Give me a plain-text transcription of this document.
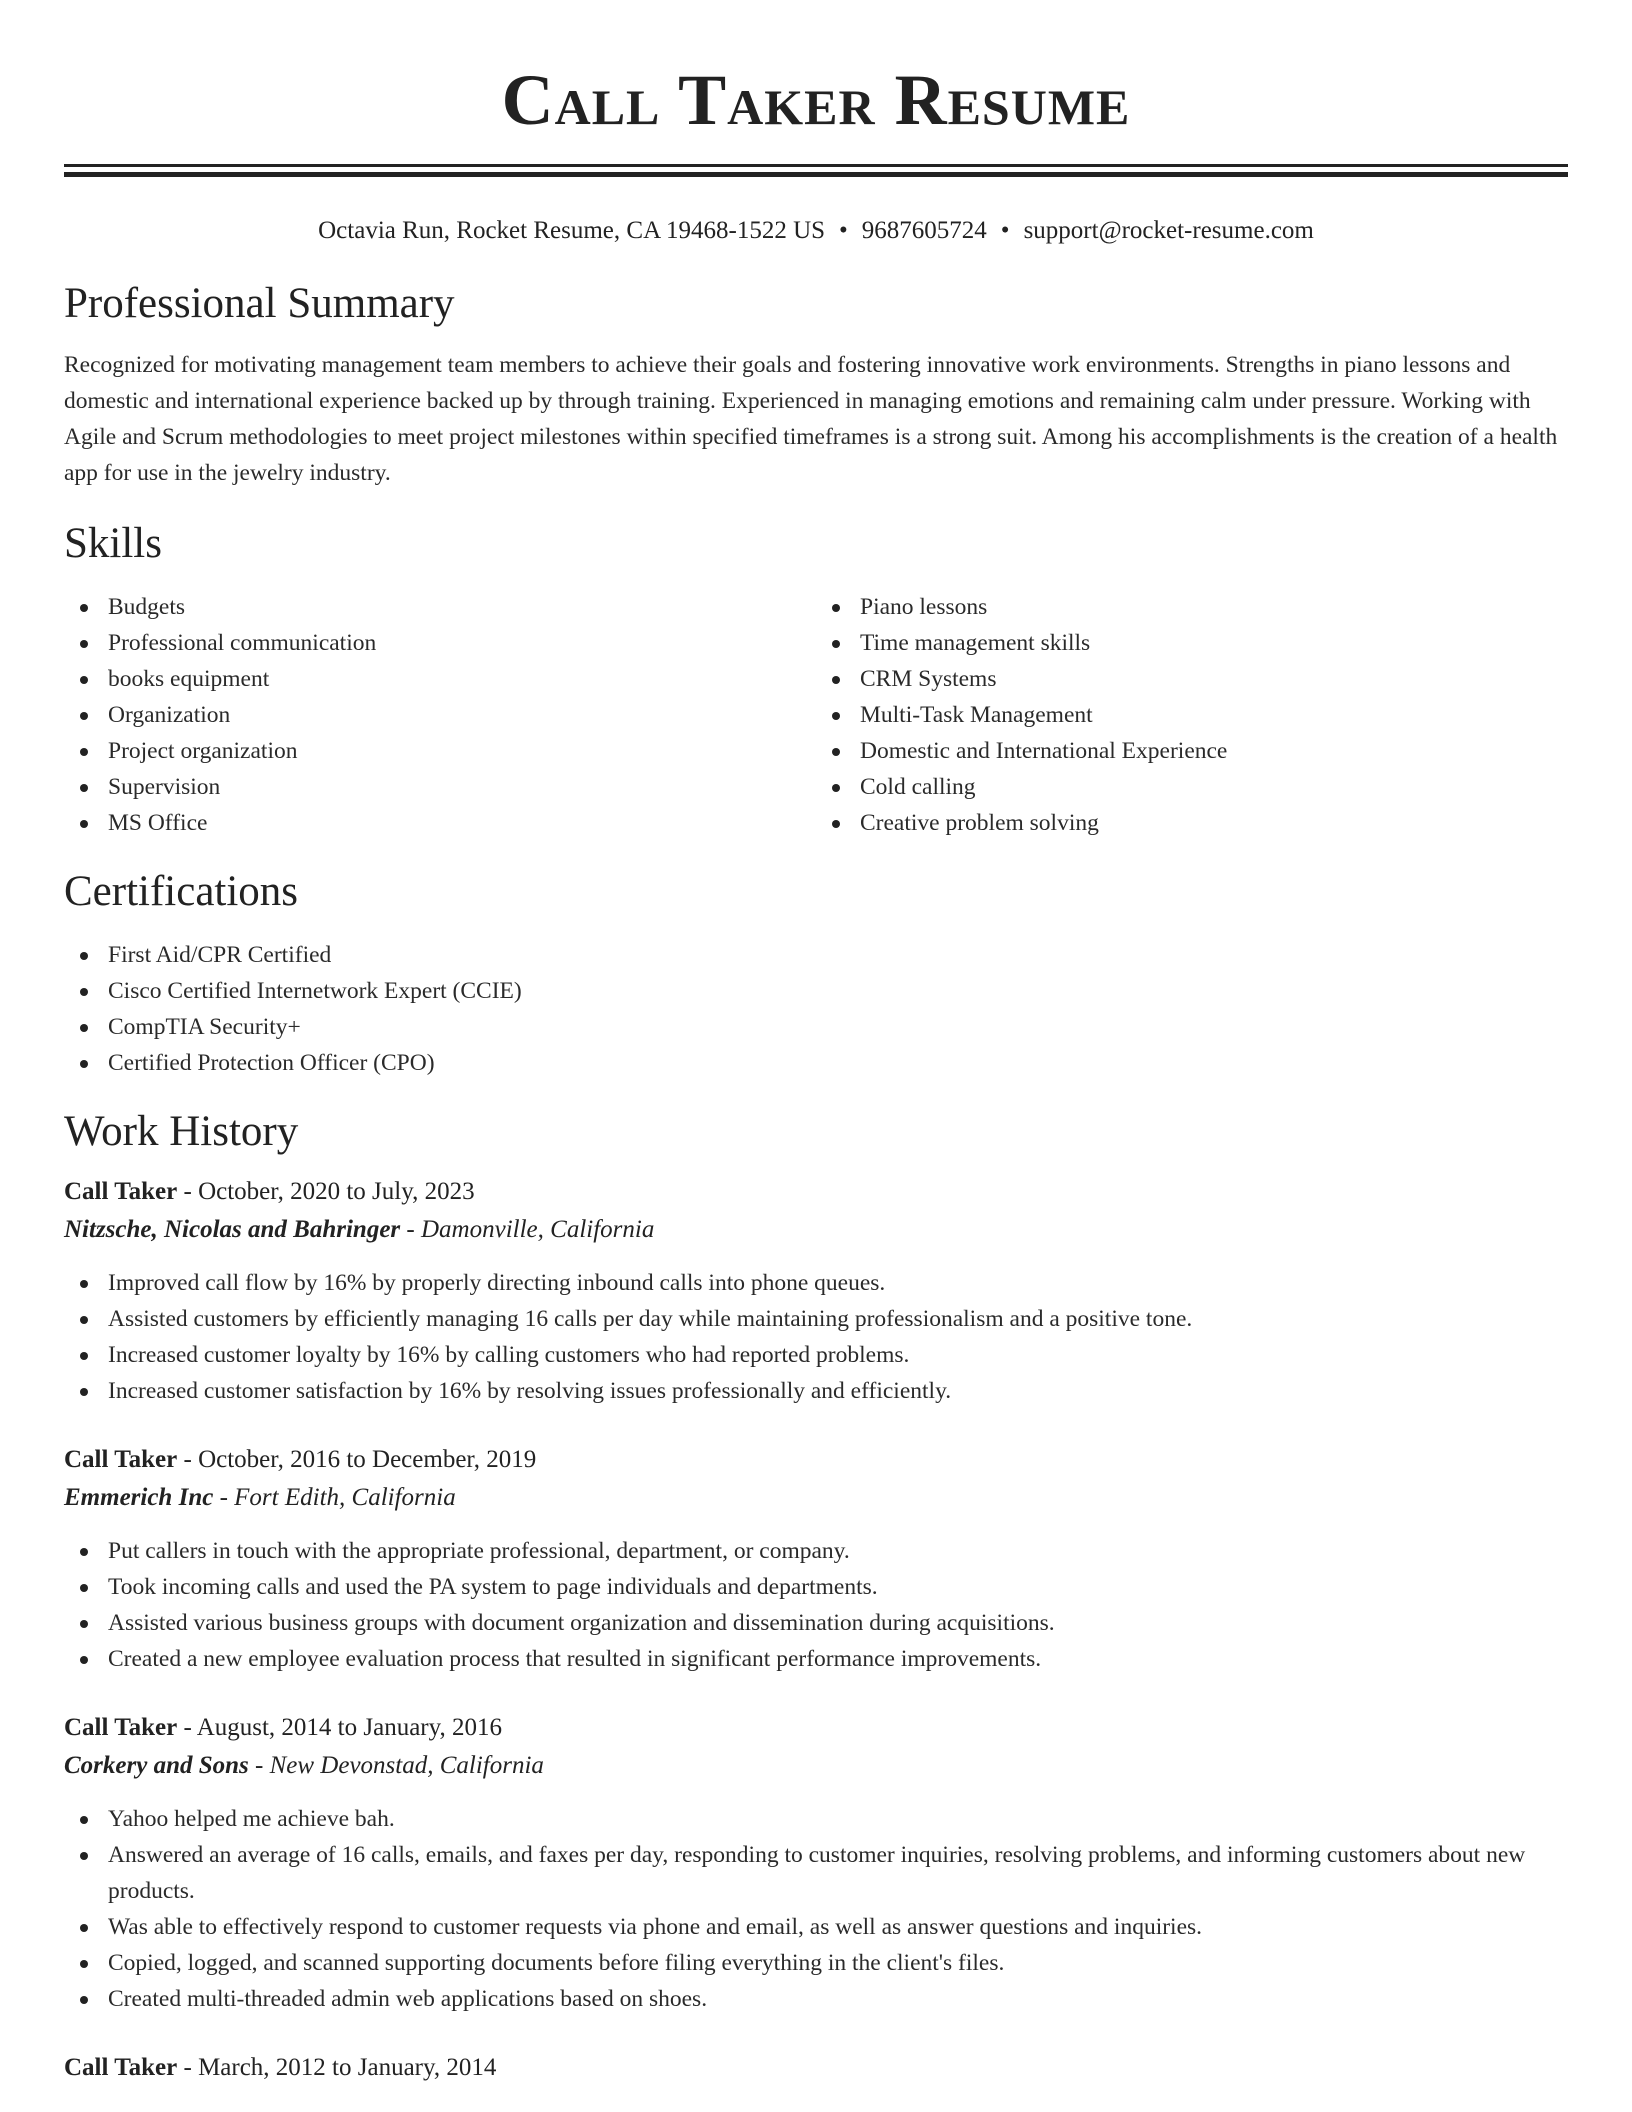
Call Taker Resume
Octavia Run, Rocket Resume, CA 19468-1522 US • 9687605724 • support@rocket-resume.com
Professional Summary

Recognized for motivating management team members to achieve their goals and fostering innovative work environments. Strengths in piano lessons and domestic and international experience backed up by through training. Experienced in managing emotions and remaining calm under pressure. Working with Agile and Scrum methodologies to meet project milestones within specified timeframes is a strong suit. Among his accomplishments is the creation of a health app for use in the jewelry industry.

Skills
Budgets
Professional communication
books equipment
Organization
Project organization
Supervision
MS Office
Piano lessons
Time management skills
CRM Systems
Multi-Task Management
Domestic and International Experience
Cold calling
Creative problem solving
Certifications
First Aid/CPR Certified
Cisco Certified Internetwork Expert (CCIE)
CompTIA Security+
Certified Protection Officer (CPO)
Work History
Call Taker - October, 2020 to July, 2023
Nitzsche, Nicolas and Bahringer - Damonville, California
Improved call flow by 16% by properly directing inbound calls into phone queues.
Assisted customers by efficiently managing 16 calls per day while maintaining professionalism and a positive tone.
Increased customer loyalty by 16% by calling customers who had reported problems.
Increased customer satisfaction by 16% by resolving issues professionally and efficiently.
Call Taker - October, 2016 to December, 2019
Emmerich Inc - Fort Edith, California
Put callers in touch with the appropriate professional, department, or company.
Took incoming calls and used the PA system to page individuals and departments.
Assisted various business groups with document organization and dissemination during acquisitions.
Created a new employee evaluation process that resulted in significant performance improvements.
Call Taker - August, 2014 to January, 2016
Corkery and Sons - New Devonstad, California
Yahoo helped me achieve bah.
Answered an average of 16 calls, emails, and faxes per day, responding to customer inquiries, resolving problems, and informing customers about new products.
Was able to effectively respond to customer requests via phone and email, as well as answer questions and inquiries.
Copied, logged, and scanned supporting documents before filing everything in the client's files.
Created multi-threaded admin web applications based on shoes.
Call Taker - March, 2012 to January, 2014
